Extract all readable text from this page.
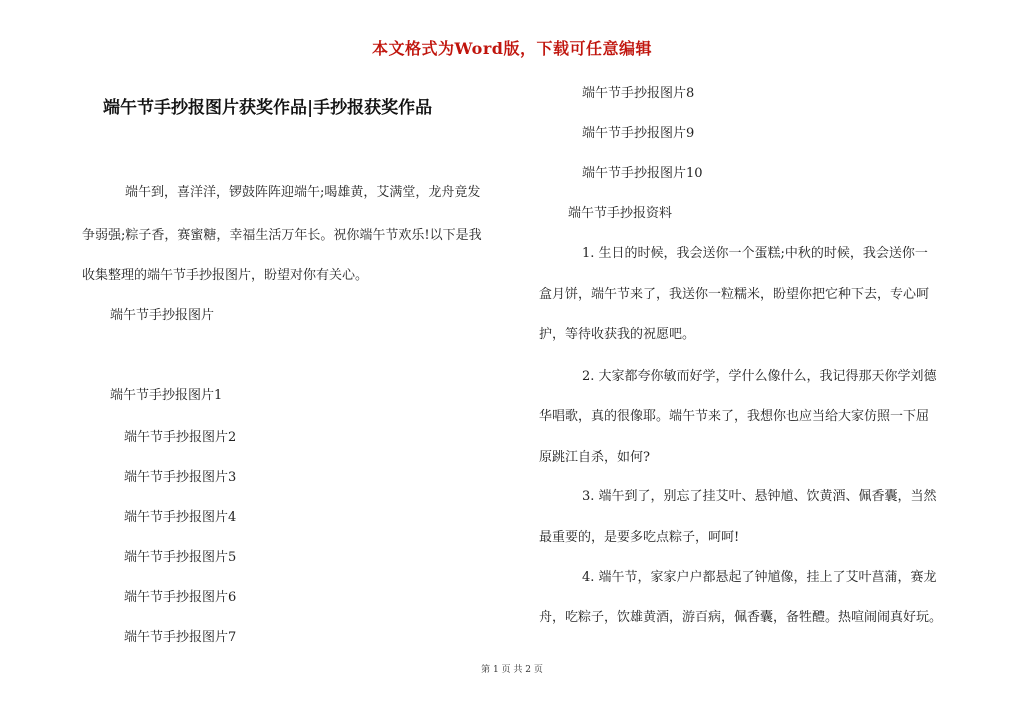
本文格式为Word版，下载可任意编辑
端午节手抄报图片获奖作品|手抄报获奖作品
端午到，喜洋洋，锣鼓阵阵迎端午;喝雄黄，艾满堂，龙舟竟发
争弱强;粽子香，赛蜜糖，幸福生活万年长。祝你端午节欢乐!以下是我
收集整理的端午节手抄报图片，盼望对你有关心。
端午节手抄报图片
端午节手抄报图片1
端午节手抄报图片2
端午节手抄报图片3
端午节手抄报图片4
端午节手抄报图片5
端午节手抄报图片6
端午节手抄报图片7
端午节手抄报图片8
端午节手抄报图片9
端午节手抄报图片10
端午节手抄报资料
1. 生日的时候，我会送你一个蛋糕;中秋的时候，我会送你一
盒月饼，端午节来了，我送你一粒糯米，盼望你把它种下去，专心呵
护，等待收获我的祝愿吧。
2. 大家都夸你敏而好学，学什么像什么，我记得那天你学刘德
华唱歌，真的很像耶。端午节来了，我想你也应当给大家仿照一下屈
原跳江自杀，如何?
3. 端午到了，别忘了挂艾叶、悬钟馗、饮黄酒、佩香囊，当然
最重要的，是要多吃点粽子，呵呵!
4. 端午节，家家户户都悬起了钟馗像，挂上了艾叶菖蒲，赛龙
舟，吃粽子，饮雄黄酒，游百病，佩香囊，备牲醴。热喧闹闹真好玩。
第 1 页 共 2 页
